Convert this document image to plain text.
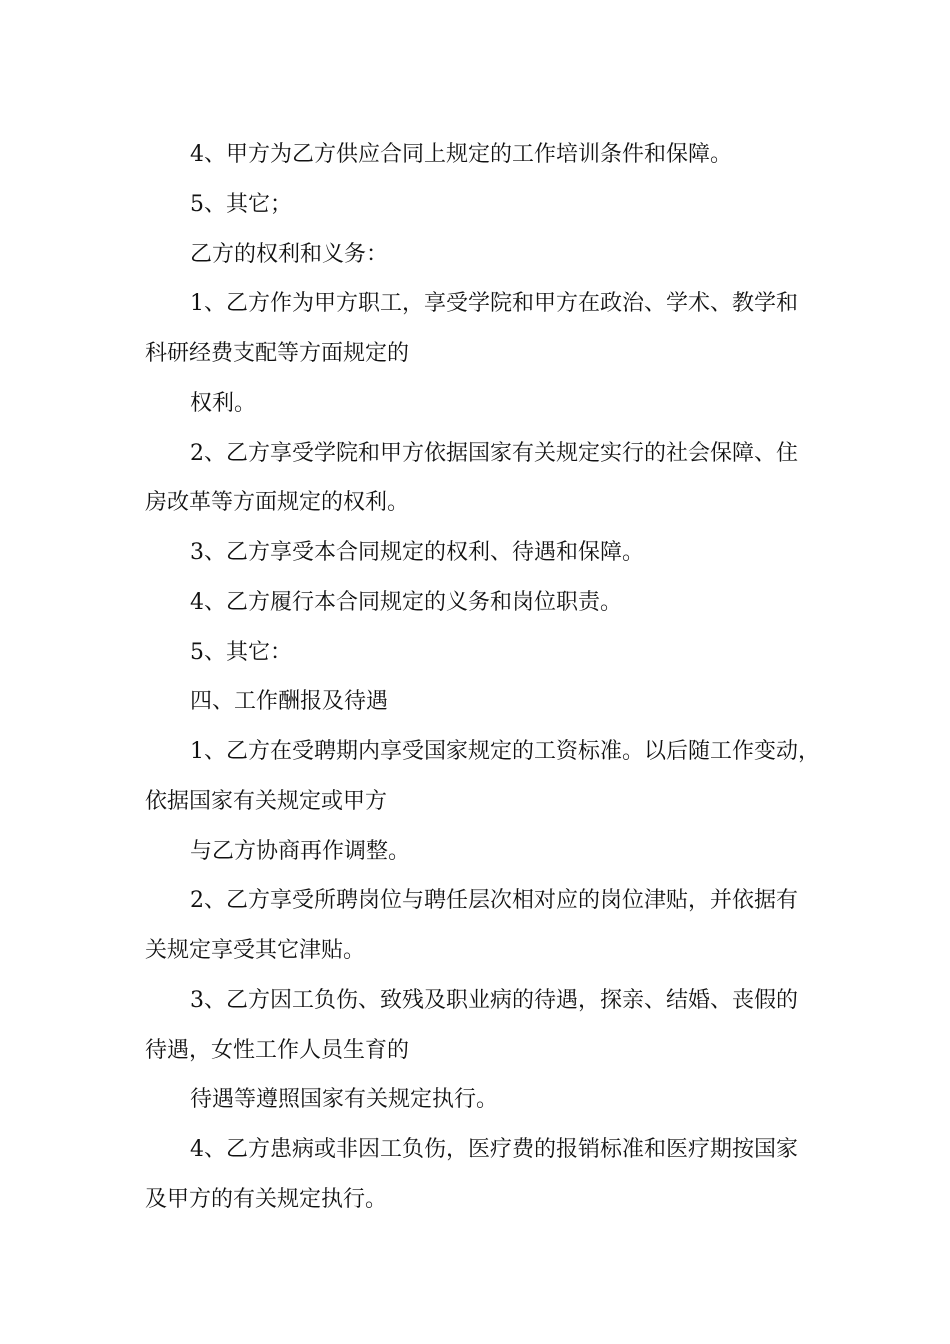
4、甲方为乙方供应合同上规定的工作培训条件和保障。
5、其它；
乙方的权利和义务：
1、乙方作为甲方职工，享受学院和甲方在政治、学术、教学和
科研经费支配等方面规定的
权利。
2、乙方享受学院和甲方依据国家有关规定实行的社会保障、住
房改革等方面规定的权利。
3、乙方享受本合同规定的权利、待遇和保障。
4、乙方履行本合同规定的义务和岗位职责。
5、其它：
四、工作酬报及待遇
1、乙方在受聘期内享受国家规定的工资标准。以后随工作变动，
依据国家有关规定或甲方
与乙方协商再作调整。
2、乙方享受所聘岗位与聘任层次相对应的岗位津贴，并依据有
关规定享受其它津贴。
3、乙方因工负伤、致残及职业病的待遇，探亲、结婚、丧假的
待遇，女性工作人员生育的
待遇等遵照国家有关规定执行。
4、乙方患病或非因工负伤，医疗费的报销标准和医疗期按国家
及甲方的有关规定执行。
